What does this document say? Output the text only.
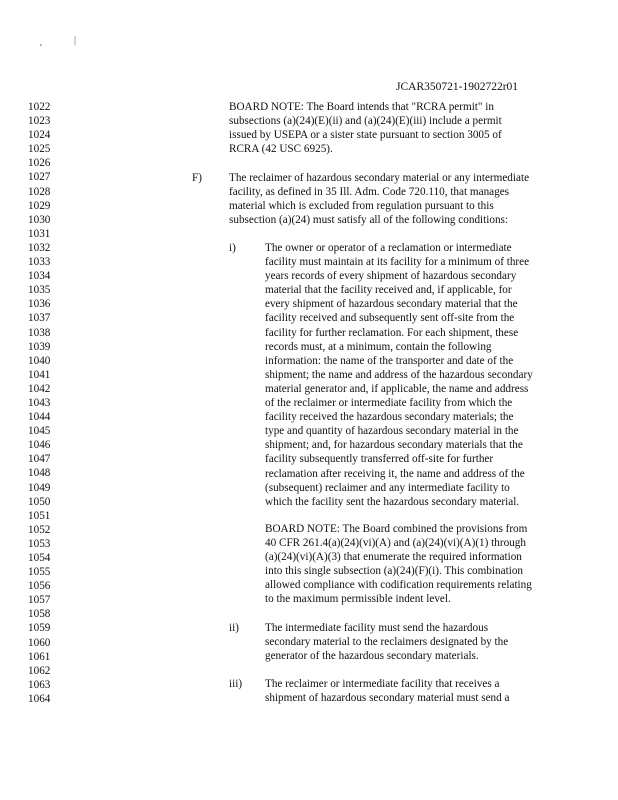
'
|
JCAR350721-1902722r01
1022
1023
1024
1025
1026
1027
1028
1029
1030
1031
1032
1033
1034
1035
1036
1037
1038
1039
1040
1041
1042
1043
1044
1045
1046
1047
1048
1049
1050
1051
1052
1053
1054
1055
1056
1057
1058
1059
1060
1061
1062
1063
1064

BOARD NOTE: The Board intends that "RCRA permit" in

subsections (a)(24)(E)(ii) and (a)(24)(E)(iii) include a permit

issued by USEPA or a sister state pursuant to section 3005 of

RCRA (42 USC 6925).

F) The reclaimer of hazardous secondary material or any intermediate

facility, as defined in 35 Ill. Adm. Code 720.110, that manages

material which is excluded from regulation pursuant to this

subsection (a)(24) must satisfy all of the following conditions:

i)	The owner or operator of a reclamation or intermediate

facility must maintain at its facility for a minimum of three

years records of every shipment of hazardous secondary

material that the facility received and, if applicable, for

every shipment of hazardous secondary material that the

facility received and subsequently sent off-site from the

facility for further reclamation. For each shipment, these

records must, at a minimum, contain the following

information: the name of the transporter and date of the

shipment; the name and address of the hazardous secondary

material generator and, if applicable, the name and address

of the reclaimer or intermediate facility from which the

facility received the hazardous secondary materials; the

type and quantity of hazardous secondary material in the

shipment; and, for hazardous secondary materials that the

facility subsequently transferred off-site for further

reclamation after receiving it, the name and address of the

(subsequent) reclaimer and any intermediate facility to

which the facility sent the hazardous secondary material.

BOARD NOTE: The Board combined the provisions from

40 CFR 261.4(a)(24)(vi)(A) and (a)(24)(vi)(A)(1) through

(a)(24)(vi)(A)(3) that enumerate the required information

into this single subsection (a)(24)(F)(i). This combination

allowed compliance with codification requirements relating

to the maximum permissible indent level.

ii) The intermediate facility must send the hazardous

secondary material to the reclaimers designated by the

generator of the hazardous secondary materials.

iii) The reclaimer or intermediate facility that receives a

shipment of hazardous secondary material must send a
